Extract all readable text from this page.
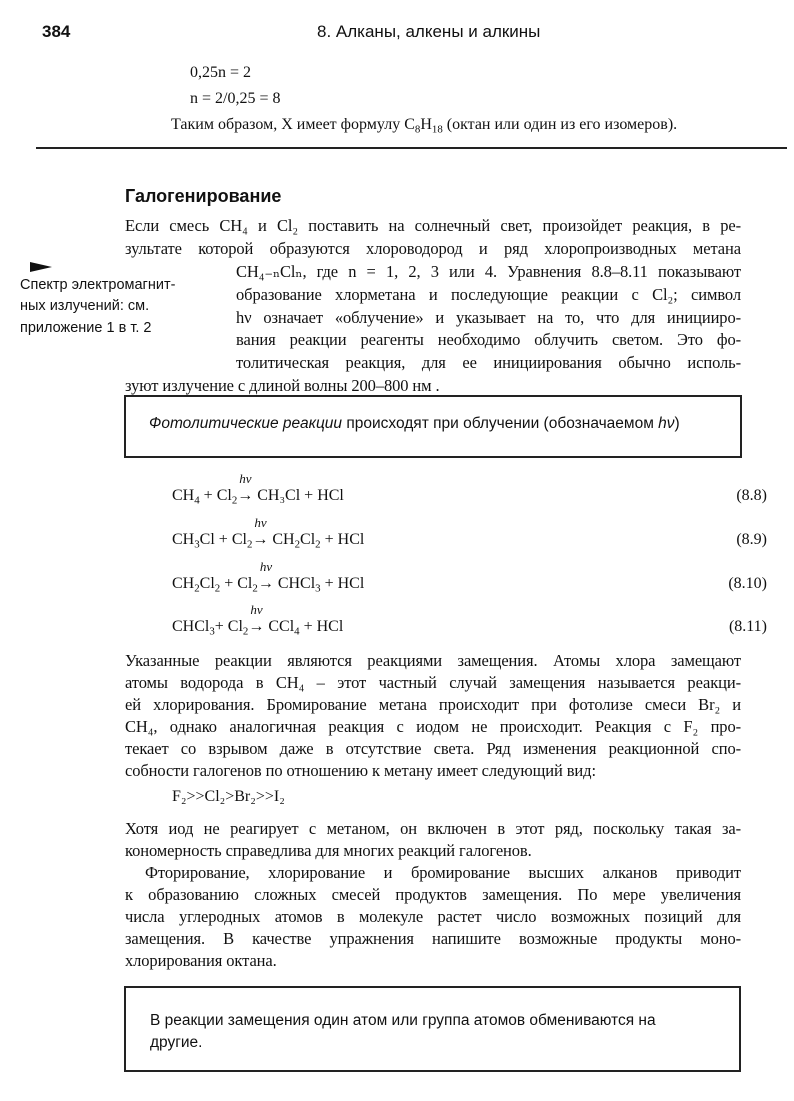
384	8. Алканы, алкены и алкины
0,25n = 2
n = 2/0,25 = 8
Таким образом, X имеет формулу $C_8H_{18}$ (октан или один из его изомеров).
Галогенирование
Если смесь CH₄ и Cl₂ поставить на солнечный свет, произойдет реакция, в ре-
зультате которой образуются хлороводород и ряд хлоропроизводных метана
CH₄₋ₙClₙ, где n = 1, 2, 3 или 4. Уравнения 8.8–8.11 показывают
образование хлорметана и последующие реакции с Cl₂; символ
hν означает «облучение» и указывает на то, что для иницииро-
вания реакции реагенты необходимо облучить светом. Это фо-
толитическая реакция, для ее инициирования обычно исполь-
зуют излучение с длиной волны 200–800 нм .
Спектр электромагнит-
ных излучений: см.
приложение 1 в т. 2
Фотолитические реакции происходят при облучении (обозначаемом hν)
$CH_4 + Cl_2$
hν
→ CH₃Cl + HCl	(8.8)
$CH_3Cl + Cl_2$
hν
→ $CH_2Cl_2$ + HCl	(8.9)
$CH_2Cl_2 + Cl_2$
hν
→ CHCl$_3$ + HCl	(8.10)
CHCl$_3$+ $Cl_2$
hν
→ CCl$_4$ + HCl	(8.11)
Указанные реакции являются реакциями замещения. Атомы хлора замещают
атомы водорода в CH₄ – этот частный случай замещения называется реакци-
ей хлорирования. Бромирование метана происходит при фотолизе смеси Br₂ и
CH₄, однако аналогичная реакция с иодом не происходит. Реакция с F₂ про-
текает со взрывом даже в отсутствие света. Ряд изменения реакционной спо-
собности галогенов по отношению к метану имеет следующий вид:
F₂>>Cl₂>Br₂>>I₂
Хотя иод не реагирует с метаном, он включен в этот ряд, поскольку такая за-
кономерность справедлива для многих реакций галогенов.
Фторирование, хлорирование и бромирование высших алканов приводит
к образованию сложных смесей продуктов замещения. По мере увеличения
числа углеродных атомов в молекуле растет число возможных позиций для
замещения. В качестве упражнения напишите возможные продукты моно-
хлорирования октана.
В реакции замещения один атом или группа атомов обмениваются на
другие.
